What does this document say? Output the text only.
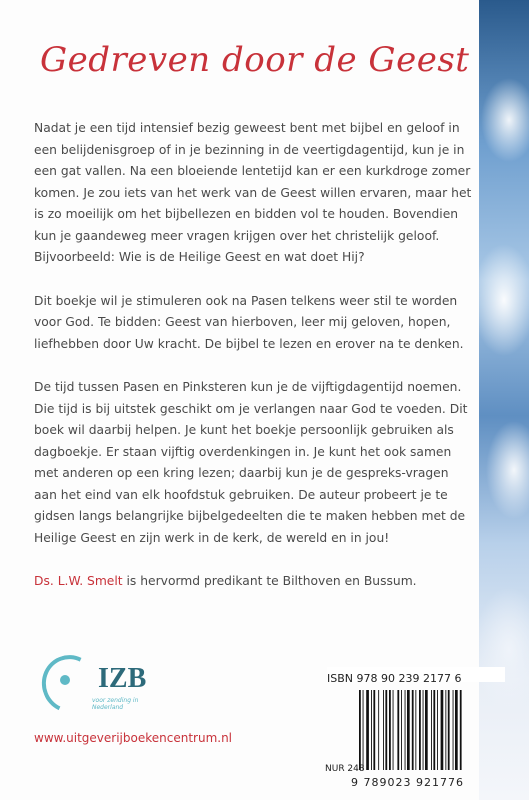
Gedreven door de Geest

Nadat je een tijd intensief bezig geweest bent met bijbel en geloof in een belijdenisgroep of in je bezinning in de veertigdagentijd, kun je in een gat vallen. Na een bloeiende lentetijd kan er een kurkdroge zomer komen. Je zou iets van het werk van de Geest willen ervaren, maar het is zo moeilijk om het bijbellezen en bidden vol te houden. Bovendien kun je gaandeweg meer vragen krijgen over het christelijk geloof. Bijvoorbeeld: Wie is de Heilige Geest en wat doet Hij?

Dit boekje wil je stimuleren ook na Pasen telkens weer stil te worden voor God. Te bidden: Geest van hierboven, leer mij geloven, hopen, liefhebben door Uw kracht. De bijbel te lezen en erover na te denken.

De tijd tussen Pasen en Pinksteren kun je de vijftigdagentijd noemen. Die tijd is bij uitstek geschikt om je verlangen naar God te voeden. Dit boek wil daarbij helpen. Je kunt het boekje persoonlijk gebruiken als dagboekje. Er staan vijftig overdenkingen in. Je kunt het ook samen met anderen op een kring lezen; daarbij kun je de gespreks-vragen aan het eind van elk hoofdstuk gebruiken. De auteur probeert je te gidsen langs belangrijke bijbelgedeelten die te maken hebben met de Heilige Geest en zijn werk in de kerk, de wereld en in jou!

Ds. L.W. Smelt is hervormd predikant te Bilthoven en Bussum.

IZB
voor zending in Nederland
www.uitgeverijboekencentrum.nl
ISBN 978 90 239 2177 6
NUR 248
9 789023 921776
